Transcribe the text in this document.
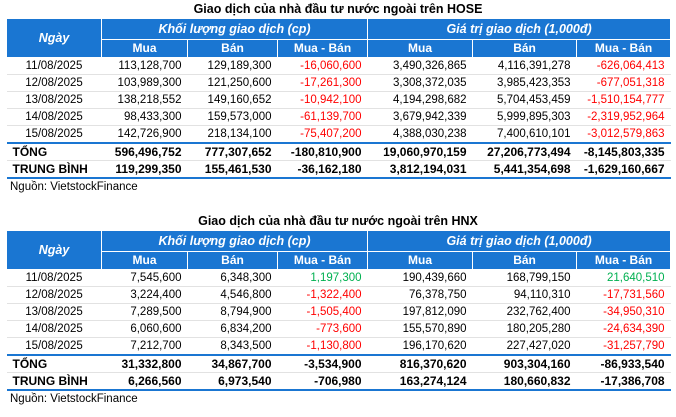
Giao dịch của nhà đầu tư nước ngoài trên HOSE
Ngày	Khối lượng giao dịch (cp)			Giá trị giao dịch (1,000đ)		
	Mua	Bán	Mua - Bán	Mua	Bán	Mua - Bán
11/08/2025	113,128,700	129,189,300	-16,060,600	3,490,326,865	4,116,391,278	-626,064,413
12/08/2025	103,989,300	121,250,600	-17,261,300	3,308,372,035	3,985,423,353	-677,051,318
13/08/2025	138,218,552	149,160,652	-10,942,100	4,194,298,682	5,704,453,459	-1,510,154,777
14/08/2025	98,433,300	159,573,000	-61,139,700	3,679,942,339	5,999,895,303	-2,319,952,964
15/08/2025	142,726,900	218,134,100	-75,407,200	4,388,030,238	7,400,610,101	-3,012,579,863
TỔNG	596,496,752	777,307,652	-180,810,900	19,060,970,159	27,206,773,494	-8,145,803,335
TRUNG BÌNH	119,299,350	155,461,530	-36,162,180	3,812,194,031	5,441,354,698	-1,629,160,667
Nguồn: VietstockFinance
Giao dịch của nhà đầu tư nước ngoài trên HNX
Ngày	Khối lượng giao dịch (cp)			Giá trị giao dịch (1,000đ)		
	Mua	Bán	Mua - Bán	Mua	Bán	Mua - Bán
11/08/2025	7,545,600	6,348,300	1,197,300	190,439,660	168,799,150	21,640,510
12/08/2025	3,224,400	4,546,800	-1,322,400	76,378,750	94,110,310	-17,731,560
13/08/2025	7,289,500	8,794,900	-1,505,400	197,812,090	232,762,400	-34,950,310
14/08/2025	6,060,600	6,834,200	-773,600	155,570,890	180,205,280	-24,634,390
15/08/2025	7,212,700	8,343,500	-1,130,800	196,170,620	227,427,020	-31,257,790
TỔNG	31,332,800	34,867,700	-3,534,900	816,370,620	903,304,160	-86,933,540
TRUNG BÌNH	6,266,560	6,973,540	-706,980	163,274,124	180,660,832	-17,386,708
Nguồn: VietstockFinance
